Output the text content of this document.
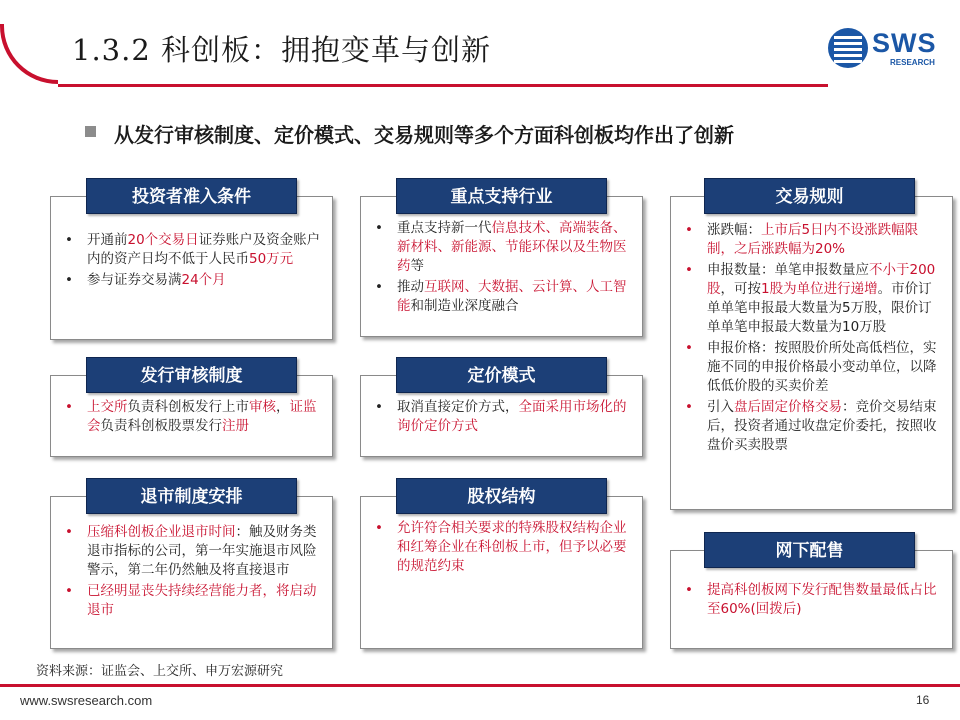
1.3.2 科创板：拥抱变革与创新	SWS
RESEARCH
从发行审核制度、定价模式、交易规则等多个方面科创板均作出了创新
• 开通前20个交易日证券账户及资金账户内的资产日均不低于人民币50万元
• 参与证券交易满24个月
投资者准入条件
• 上交所负责科创板发行上市审核，证监会负责科创板股票发行注册
发行审核制度
• 压缩科创板企业退市时间：触及财务类退市指标的公司，第一年实施退市风险警示，第二年仍然触及将直接退市
• 已经明显丧失持续经营能力者，将启动退市
退市制度安排
• 重点支持新一代信息技术、高端装备、新材料、新能源、节能环保以及生物医药等
• 推动互联网、大数据、云计算、人工智能和制造业深度融合
重点支持行业
• 取消直接定价方式，全面采用市场化的询价定价方式
定价模式
• 允许符合相关要求的特殊股权结构企业和红筹企业在科创板上市，但予以必要的规范约束
股权结构
• 涨跌幅：上市后5日内不设涨跌幅限制，之后涨跌幅为20%
• 申报数量：单笔申报数量应不小于200股，可按1股为单位进行递增。市价订单单笔申报最大数量为5万股，限价订单单笔申报最大数量为10万股
• 申报价格：按照股价所处高低档位，实施不同的申报价格最小变动单位，以降低低价股的买卖价差
• 引入盘后固定价格交易：竞价交易结束后，投资者通过收盘定价委托，按照收盘价买卖股票
交易规则
• 提高科创板网下发行配售数量最低占比至60%(回拨后)
网下配售
资料来源：证监会、上交所、申万宏源研究
www.swsresearch.com	16
